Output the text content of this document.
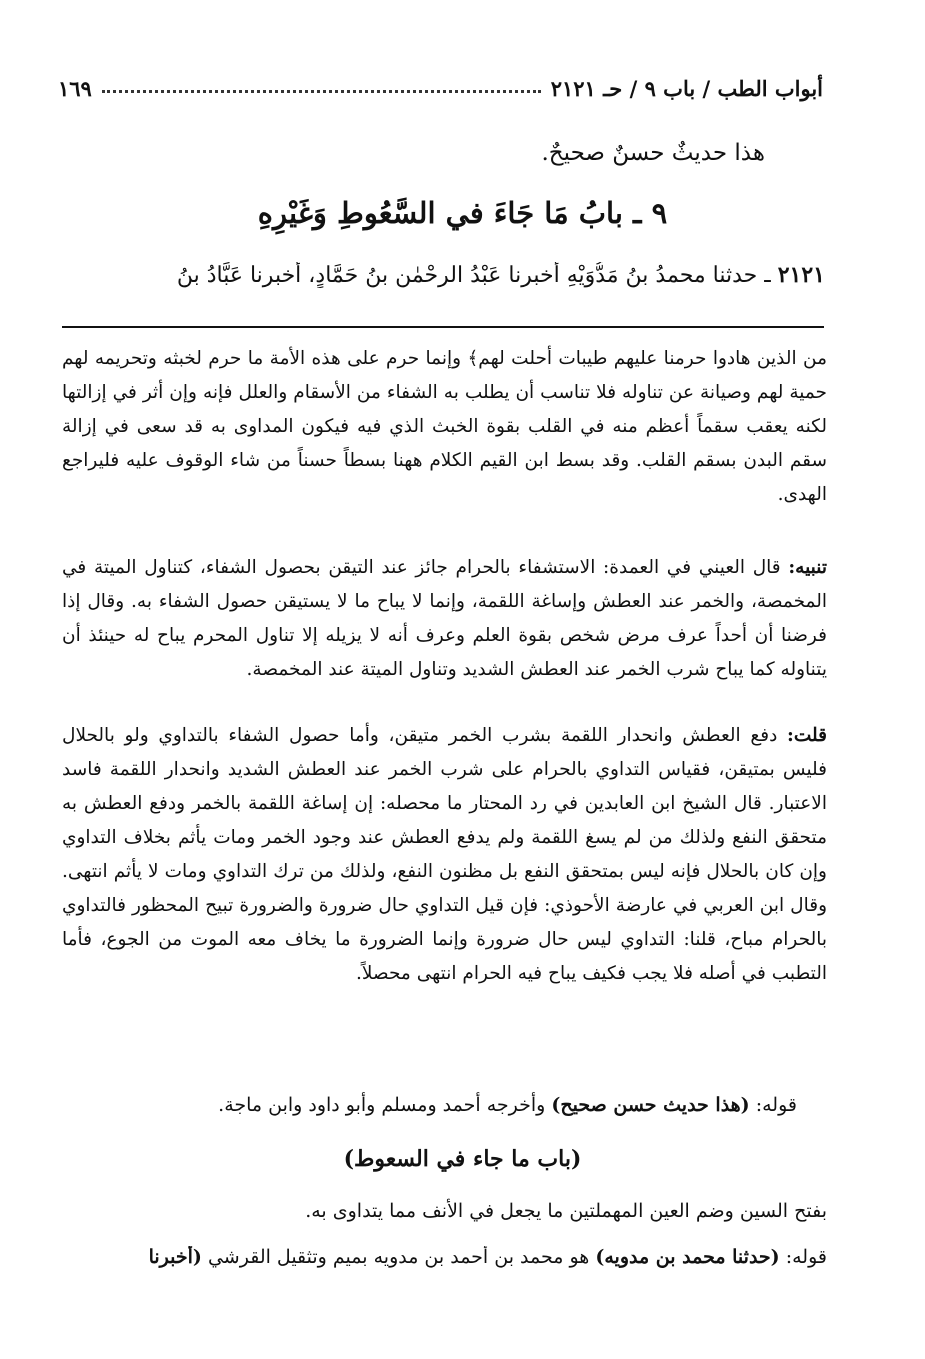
أبواب الطب / باب ٩ / حـ ٢١٢١
١٦٩
هذا حديثٌ حسنٌ صحيحٌ.
٩ ـ بابُ مَا جَاءَ في السَّعُوطِ وَغَيْرِهِ
٢١٢١ ـ حدثنا محمدُ بنُ مَدُّوَيْهِ أخبرنا عَبْدُ الرحْمٰنِ بنُ حَمَّادٍ، أخبرنا عَبَّادُ بنُ

من الذين هادوا حرمنا عليهم طيبات أحلت لهم﴾ وإنما حرم على هذه الأمة ما حرم لخبثه وتحريمه لهم حمية لهم وصيانة عن تناوله فلا تناسب أن يطلب به الشفاء من الأسقام والعلل فإنه وإن أثر في إزالتها لكنه يعقب سقماً أعظم منه في القلب بقوة الخبث الذي فيه فيكون المداوى به قد سعى في إزالة سقم البدن بسقم القلب. وقد بسط ابن القيم الكلام ههنا بسطاً حسناً من شاء الوقوف عليه فليراجع الهدى.

تنبيه: قال العيني في العمدة: الاستشفاء بالحرام جائز عند التيقن بحصول الشفاء، كتناول الميتة في المخمصة، والخمر عند العطش وإساغة اللقمة، وإنما لا يباح ما لا يستيقن حصول الشفاء به. وقال إذا فرضنا أن أحداً عرف مرض شخص بقوة العلم وعرف أنه لا يزيله إلا تناول المحرم يباح له حينئذ أن يتناوله كما يباح شرب الخمر عند العطش الشديد وتناول الميتة عند المخمصة.

قلت: دفع العطش وانحدار اللقمة بشرب الخمر متيقن، وأما حصول الشفاء بالتداوي ولو بالحلال فليس بمتيقن، فقياس التداوي بالحرام على شرب الخمر عند العطش الشديد وانحدار اللقمة فاسد الاعتبار. قال الشيخ ابن العابدين في رد المحتار ما محصله: إن إساغة اللقمة بالخمر ودفع العطش به متحقق النفع ولذلك من لم يسغ اللقمة ولم يدفع العطش عند وجود الخمر ومات يأثم بخلاف التداوي وإن كان بالحلال فإنه ليس بمتحقق النفع بل مظنون النفع، ولذلك من ترك التداوي ومات لا يأثم انتهى. وقال ابن العربي في عارضة الأحوذي: فإن قيل التداوي حال ضرورة والضرورة تبيح المحظور فالتداوي بالحرام مباح، قلنا: التداوي ليس حال ضرورة وإنما الضرورة ما يخاف معه الموت من الجوع، فأما التطبب في أصله فلا يجب فكيف يباح فيه الحرام انتهى محصلاً.

قوله: (هذا حديث حسن صحيح) وأخرجه أحمد ومسلم وأبو داود وابن ماجة.
(باب ما جاء في السعوط)
بفتح السين وضم العين المهملتين ما يجعل في الأنف مما يتداوى به.
قوله: (حدثنا محمد بن مدويه) هو محمد بن أحمد بن مدويه بميم وتثقيل القرشي (أخبرنا
